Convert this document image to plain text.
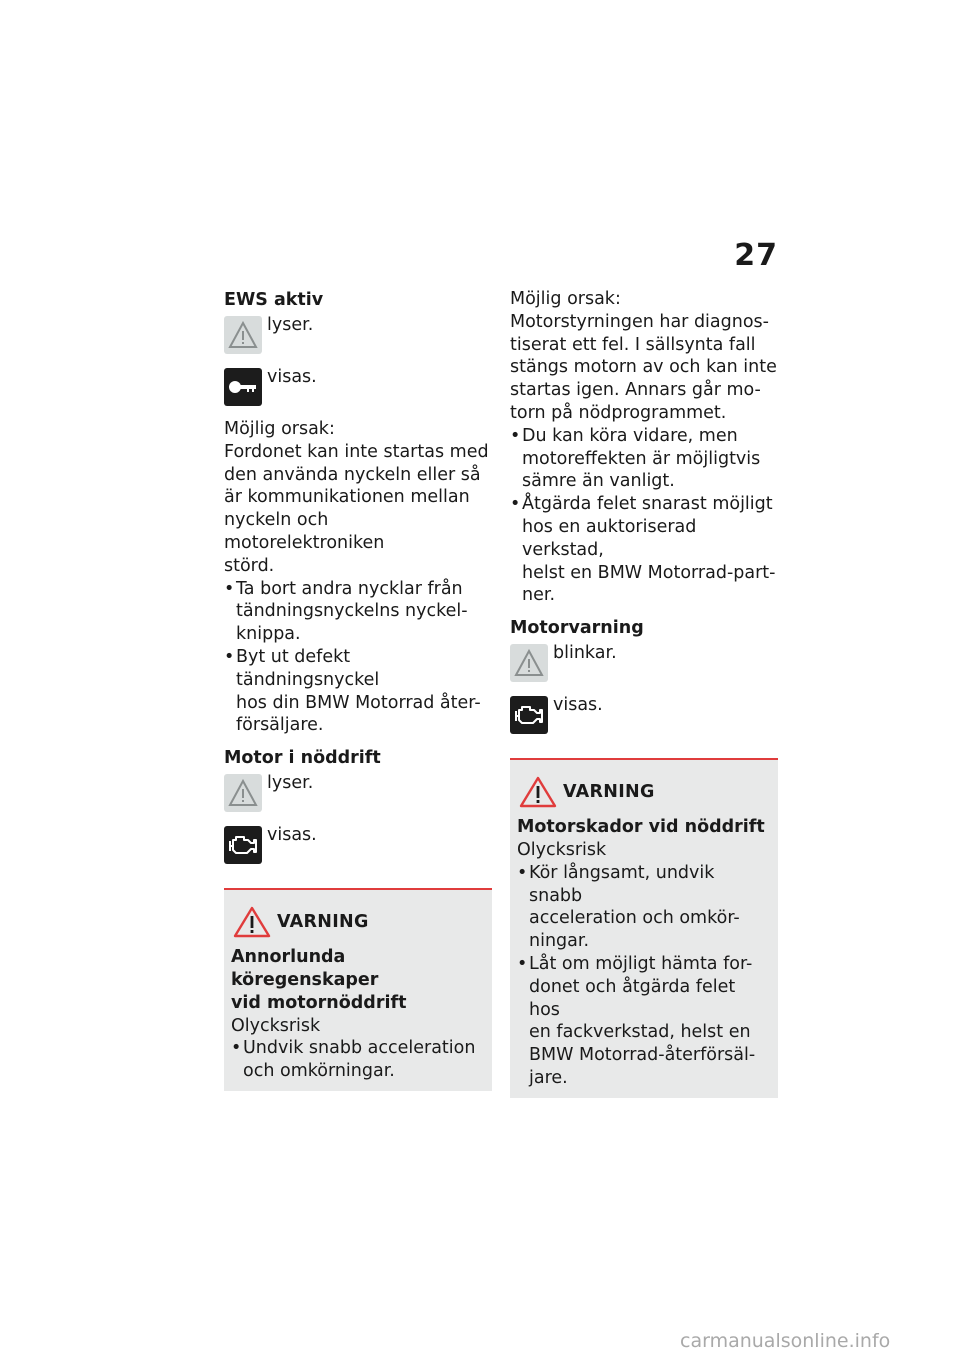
27
EWS aktiv
lyser.
visas.
Möjlig orsak:
Fordonet kan inte startas med
den använda nyckeln eller så
är kommunikationen mellan
nyckeln och motorelektroniken
störd.
• Ta bort andra nycklar från
tändningsnyckelns nyckel-
knippa.
• Byt ut defekt tändningsnyckel
hos din BMW Motorrad åter-
försäljare.
Motor i nöddrift
lyser.
visas.
VARNING
Annorlunda köregenskaper
vid motornöddrift
Olycksrisk
• Undvik snabb acceleration
och omkörningar.
Möjlig orsak:
Motorstyrningen har diagnos-
tiserat ett fel. I sällsynta fall
stängs motorn av och kan inte
startas igen. Annars går mo-
torn på nödprogrammet.
• Du kan köra vidare, men
motoreffekten är möjligtvis
sämre än vanligt.
• Åtgärda felet snarast möjligt
hos en auktoriserad verkstad,
helst en BMW Motorrad-part-
ner.
Motorvarning
blinkar.
visas.
VARNING
Motorskador vid nöddrift
Olycksrisk
• Kör långsamt, undvik snabb
acceleration och omkör-
ningar.
• Låt om möjligt hämta for-
donet och åtgärda felet hos
en fackverkstad, helst en
BMW Motorrad-återförsäl-
jare.
carmanualsonline.info
